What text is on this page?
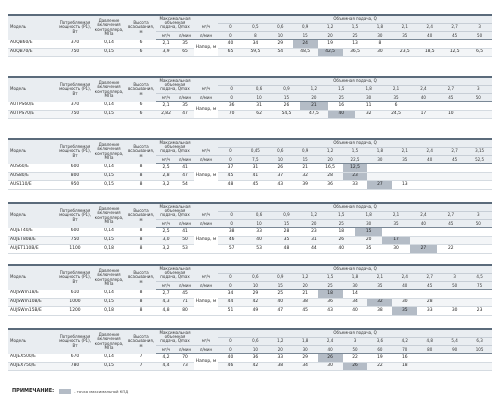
Модель	Потребляемая мощность (P1), Вт	Давление включения контроллера, МПа	Высота всасывания, м	Максимальная объемная подача, Qmax			Объемная подача, Q										
						м³/ч	0	0,5	0,6	0,9	1,2	1,5	1,8	2,1	2,4	2,7	3
				м³/ч	л/мин	л/мин	0	8	10	15	20	25	30	35	40	45	50
AUQB60/E	370	0,14	6	2,1	35	Напор, м	40	34	29	24	19	13	8				
AUQB70/E	750	0,15	6	3,9	65		65	59,5	54	48,5	42,5	36,5	30	23,5	18,5	12,5	6,5
Модель	Потребляемая мощность (P1), Вт	Давление включения контроллера, МПа	Высота всасывания, м	Максимальная объемная подача, Qmax			Объемная подача, Q									
						м³/ч	0	0,6	0,9	1,2	1,5	1,8	2,1	2,4	2,7	3
				м³/ч	л/мин	л/мин	0	10	15	20	25	30	35	40	45	50
AUTPS60/E	370	0,14	6	2,1	35	Напор, м	36	31	26	21	16	11	6			
AUTPS70/E	750	0,15	6	2,82	47		70	62	54,5	47,5	40	32	24,5	17	10	
Модель	Потребляемая мощность (P1), Вт	Давление включения контроллера, МПа	Высота всасывания, м	Максимальная объемная подача, Qmax			Объемная подача, Q										
						м³/ч	0	0,45	0,6	0,9	1,2	1,5	1,8	2,1	2,4	2,7	3,15
				м³/ч	л/мин	л/мин	0	7,5	10	15	20	22,5	30	35	40	45	52,5
AUS60/E	600	0,14	8	2,5	41	Напор, м	37	31	26	21	16,5	12,5					
AUS80/E	800	0,15	8	2,8	47		45	41	37	32	28	23					
AUS110/E	950	0,15	8	3,2	54		48	45	43	39	36	33	27	13			
Модель	Потребляемая мощность (P1), Вт	Давление включения контроллера, МПа	Высота всасывания, м	Максимальная объемная подача, Qmax			Объемная подача, Q									
						м³/ч	0	0,6	0,9	1,2	1,5	1,8	2,1	2,4	2,7	3
				м³/ч	л/мин	л/мин	0	10	15	20	25	30	35	40	45	50
AUJET40/E	600	0,14	8	2,5	41	Напор, м	38	33	28	23	18	15				
AUJET80B/E	750	0,15	8	3,0	50		46	40	35	31	26	20	17			
AUJET110B/E	1100	0,18	8	3,2	53		57	53	48	44	40	35	30	27	22	
Модель	Потребляемая мощность (P1), Вт	Давление включения контроллера, МПа	Высота всасывания, м	Максимальная объемная подача, Qmax			Объемная подача, Q										
						м³/ч	0	0,6	0,9	1,2	1,5	1,8	2,1	2,4	2,7	3	4,5
				м³/ч	л/мин	л/мин	0	10	15	20	25	30	35	40	45	50	75
AUJSWm18/E	610	0,14	8	2,7	45	Напор, м	34	29	25	21	18	14					
AUJSWm10B/E	1000	0,15	8	4,3	71		44	42	40	38	36	34	32	30	28		
AUJSWm15B/E	1200	0,18	8	4,8	80		51	49	47	45	43	40	38	35	33	30	23
Модель	Потребляемая мощность (P1), Вт	Давление включения контроллера, МПа	Высота всасывания, м	Максимальная объемная подача, Qmax			Объемная подача, Q										
						м³/ч	0	0,6	1,2	1,8	2,4	3	3,6	4,2	4,8	5,4	6,3
				м³/ч	л/мин	л/мин	0	10	20	30	40	50	60	70	80	90	105
AUJEX500/E	670	0,14	7	4,2	70	Напор, м	40	36	33	29	26	22	19	16			
AUJEX750/E	780	0,15	7	4,4	73		46	42	38	34	30	26	22	18			
ПРИМЕЧАНИЕ:	- точка максимальной КПД
